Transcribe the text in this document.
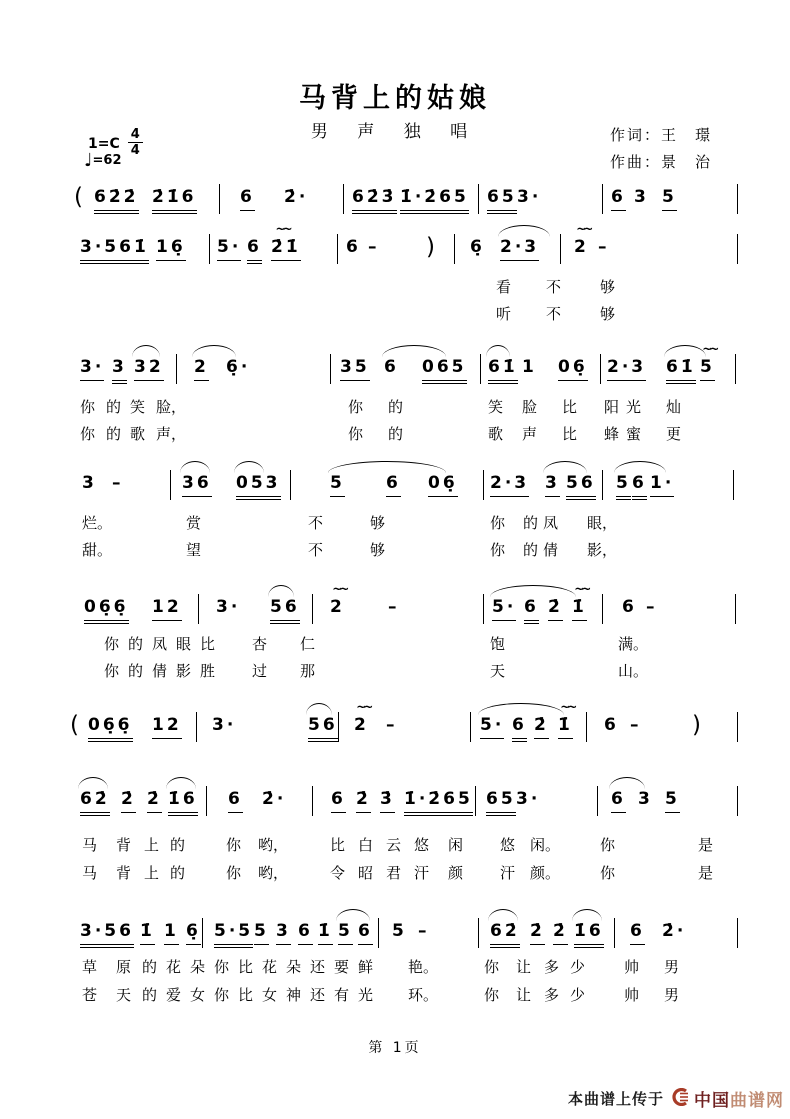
马背上的姑娘
男 声 独 唱
$1=C \frac{4}{4}$
♩=62
作词：王　璟
作曲：景　治
( 62̇2̇ 2̇1̇6	6 2̇·	62̇3̇ 1̇·2̇65 65 3·	6 3 5
3·561̇ 16̣ 5· 6 2̇1̇
~~	6 – ) 6̣ 2·3 2
~~ –
看 不	够
听 不	够
3· 3 32 2 6̣·	35 6 065 61̇ 1 06̣ 2·3 61̇ 5
~~
你 的 笑 脸，	你 的	笑 脸 比 阳 光 灿
你 的 歌 声，	你 的	歌 声 比 蜂 蜜 更
3 –	36 053	5 6 06̣ 2·3 3 56 5 6 1·
烂。	赏	不	够	你 的 凤 眼，
甜。	望	不	够	你 的 倩 影，
06̣6̣ 12 3· 56 2
~~	–	5· 6 2̇ 1̇
~~ 6 –
你 的 凤 眼 比 杏 仁	饱	满。
你 的 倩 影 胜 过 那	天	山。
( 06̣6̣ 12 3·	56 2
~~ –	5· 6 2̇ 1̇
~~ 6 – )
62̇ 2̇ 2̇ 1̇6 6 2̇·	6 2̇ 3̇ 1̇·2̇65 65 3·	6 3 5
马 背 上 的	你 哟，	比 白 云 悠 闲 悠 闲。	你	是
马 背 上 的	你 哟，	令 昭 君 汗 颜 汗 颜。	你	是
3·56 1̇ 1 6̣ 5·5 5 3 6 1̇ 5 6 5 –	62̇ 2̇ 2̇ 1̇6 6 2̇·
草 原 的 花 朵 你 比 花 朵 还 要 鲜 艳。	你 让 多 少	帅 男
苍 天 的 爱 女 你 比 女 神 还 有 光 环。	你 让 多 少	帅 男
第 1页
本曲谱上传于 中国 曲谱网
